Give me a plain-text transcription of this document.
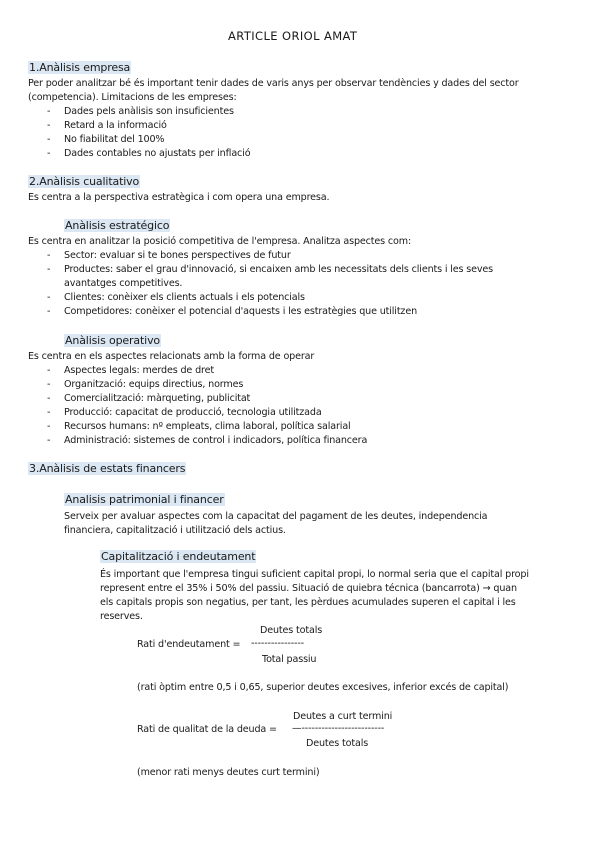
ARTICLE ORIOL AMAT
1.Anàlisis empresa
Per poder analitzar bé és important tenir dades de varis anys per observar tendències y dades del sector
(competencia). Limitacions de les empreses:
- Dades pels anàlisis son insuficientes
- Retard a la informació
- No fiabilitat del 100%
- Dades contables no ajustats per inflació
2.Anàlisis cualitativo
Es centra a la perspectiva estratègica i com opera una empresa.
Anàlisis estratégico
Es centra en analitzar la posició competitiva de l'empresa. Analitza aspectes com:
- Sector: evaluar si te bones perspectives de futur
- Productes: saber el grau d'innovació, si encaixen amb les necessitats dels clients i les seves
avantatges competitives.
- Clientes: conèixer els clients actuals i els potencials
- Competidores: conèixer el potencial d'aquests i les estratègies que utilitzen
Anàlisis operativo
Es centra en els aspectes relacionats amb la forma de operar
- Aspectes legals: merdes de dret
- Organització: equips directius, normes
- Comercialització: màrqueting, publicitat
- Producció: capacitat de producció, tecnologia utilitzada
- Recursos humans: nº empleats, clima laboral, política salarial
- Administració: sistemes de control i indicadors, política financera
3.Anàlisis de estats financers
Analisis patrimonial i financer
Serveix per avaluar aspectes com la capacitat del pagament de les deutes, independencia
financiera, capitalització i utilització dels actius.
Capitalització i endeutament
És important que l'empresa tingui suficient capital propi, lo normal seria que el capital propi
represent entre el 35% i 50% del passiu. Situació de quiebra técnica (bancarrota) → quan
els capitals propis son negatius, per tant, les pèrdues acumulades superen el capital i les
reserves.
Deutes totals
Rati d'endeutament = ----------------
Total passiu
(rati òptim entre 0,5 i 0,65, superior deutes excesives, inferior excés de capital)
Deutes a curt termini
Rati de qualitat de la deuda = —-------------------------
Deutes totals
(menor rati menys deutes curt termini)
